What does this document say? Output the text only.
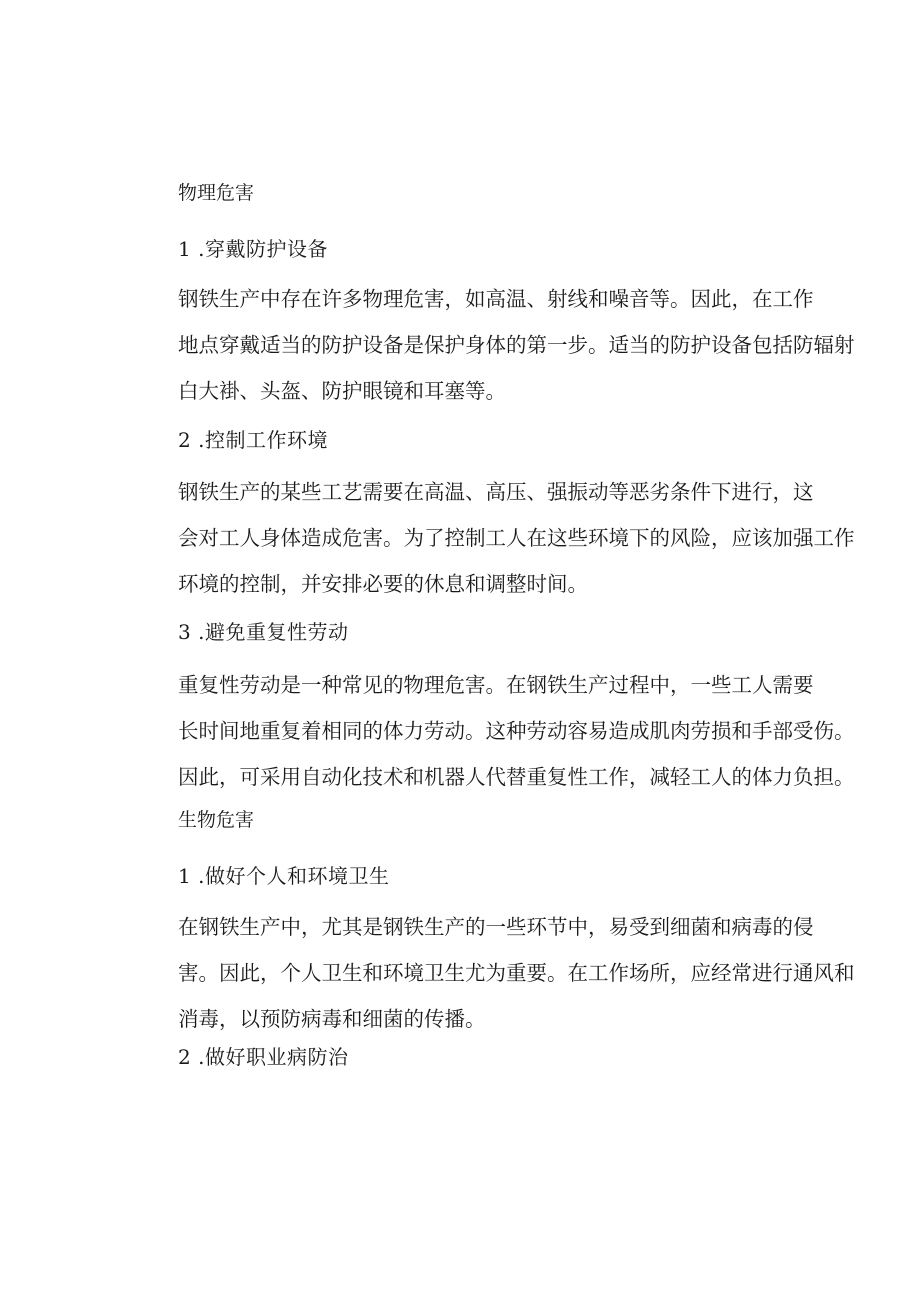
物理危害
1 .穿戴防护设备
钢铁生产中存在许多物理危害，如高温、射线和噪音等。因此，在工作
地点穿戴适当的防护设备是保护身体的第一步。适当的防护设备包括防辐射
白大褂、头盔、防护眼镜和耳塞等。
2 .控制工作环境
钢铁生产的某些工艺需要在高温、高压、强振动等恶劣条件下进行，这
会对工人身体造成危害。为了控制工人在这些环境下的风险，应该加强工作
环境的控制，并安排必要的休息和调整时间。
3 .避免重复性劳动
重复性劳动是一种常见的物理危害。在钢铁生产过程中，一些工人需要
长时间地重复着相同的体力劳动。这种劳动容易造成肌肉劳损和手部受伤。
因此，可采用自动化技术和机器人代替重复性工作，减轻工人的体力负担。
生物危害
1 .做好个人和环境卫生
在钢铁生产中，尤其是钢铁生产的一些环节中，易受到细菌和病毒的侵
害。因此，个人卫生和环境卫生尤为重要。在工作场所，应经常进行通风和
消毒，以预防病毒和细菌的传播。
2 .做好职业病防治
